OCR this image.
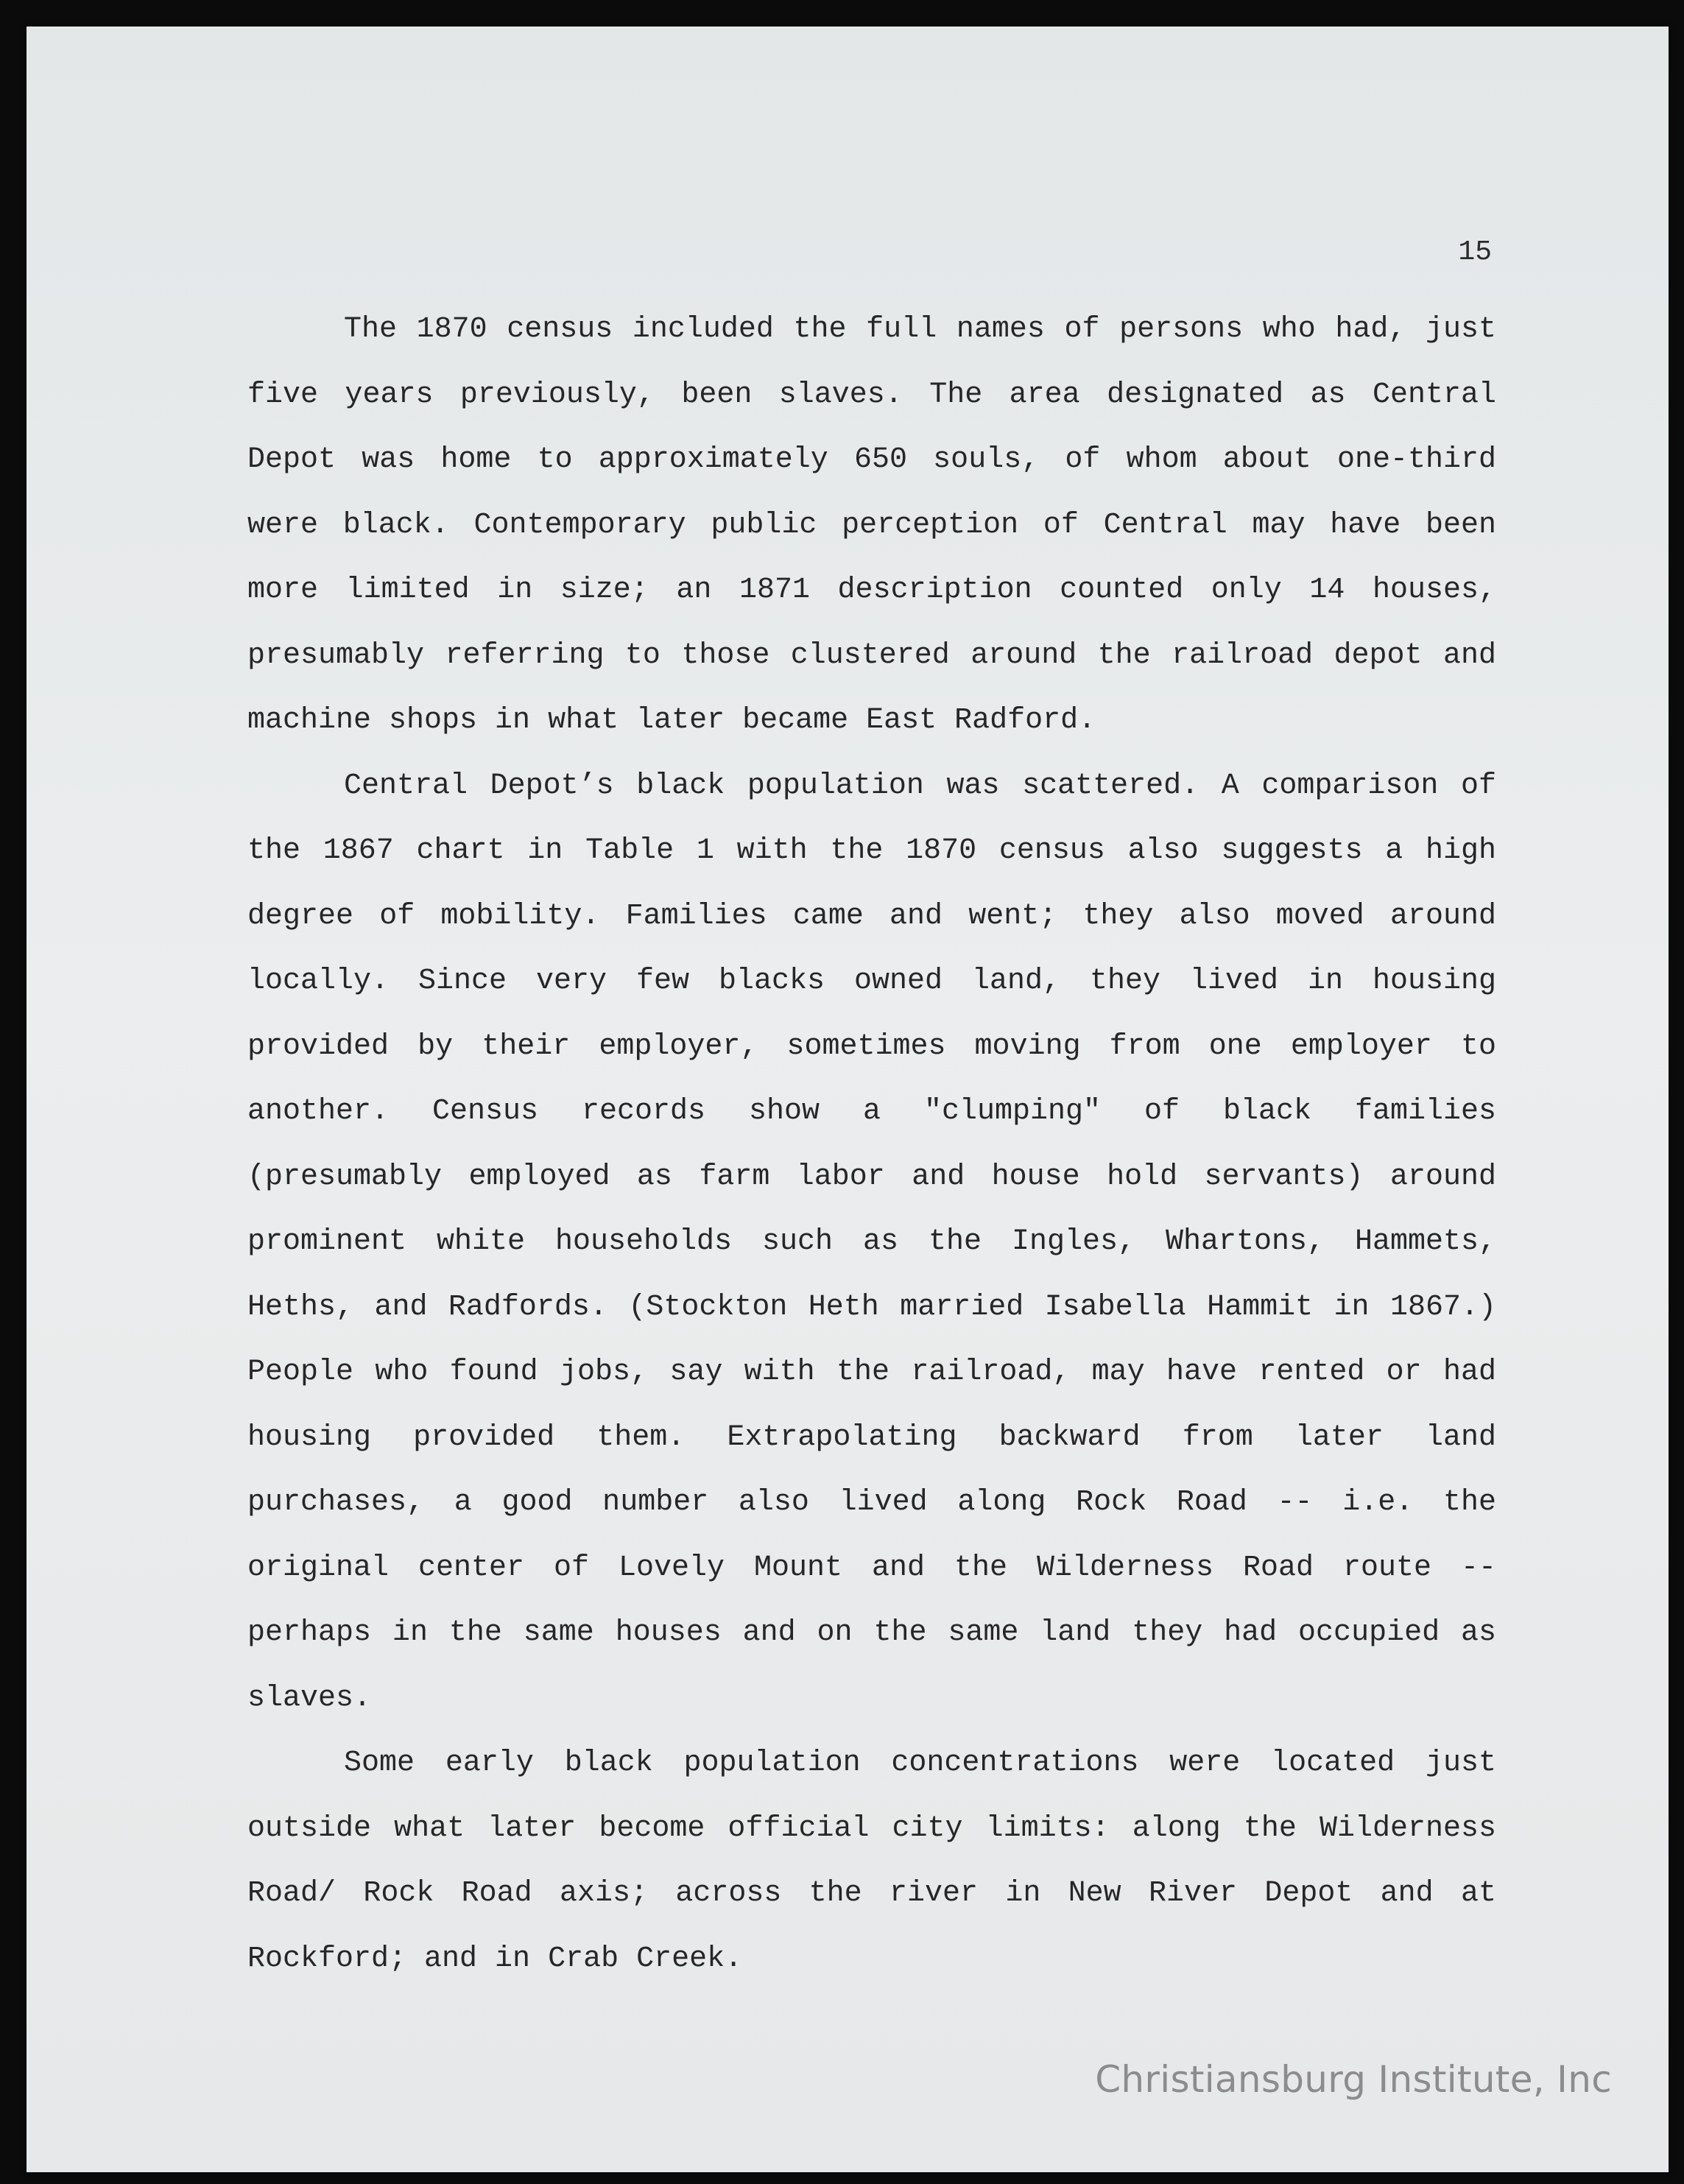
15

The 1870 census included the full names of persons who had, just five years previously, been slaves. The area designated as Central Depot was home to approximately 650 souls, of whom about one-third were black. Contemporary public perception of Central may have been more limited in size; an 1871 description counted only 14 houses, presumably referring to those clustered around the railroad depot and machine shops in what later became East Radford.

Central Depot’s black population was scattered. A comparison of the 1867 chart in Table 1 with the 1870 census also suggests a high degree of mobility. Families came and went; they also moved around locally. Since very few blacks owned land, they lived in housing provided by their employer, sometimes moving from one employer to another. Census records show a "clumping" of black families (presumably employed as farm labor and house hold servants) around prominent white households such as the Ingles, Whartons, Hammets, Heths, and Radfords. (Stockton Heth married Isabella Hammit in 1867.) People who found jobs, say with the railroad, may have rented or had housing provided them. Extrapolating backward from later land purchases, a good number also lived along Rock Road -- i.e. the original center of Lovely Mount and the Wilderness Road route -- perhaps in the same houses and on the same land they had occupied as slaves.

Some early black population concentrations were located just outside what later become official city limits: along the Wilderness Road/ Rock Road axis; across the river in New River Depot and at Rockford; and in Crab Creek.

Christiansburg Institute, Inc
